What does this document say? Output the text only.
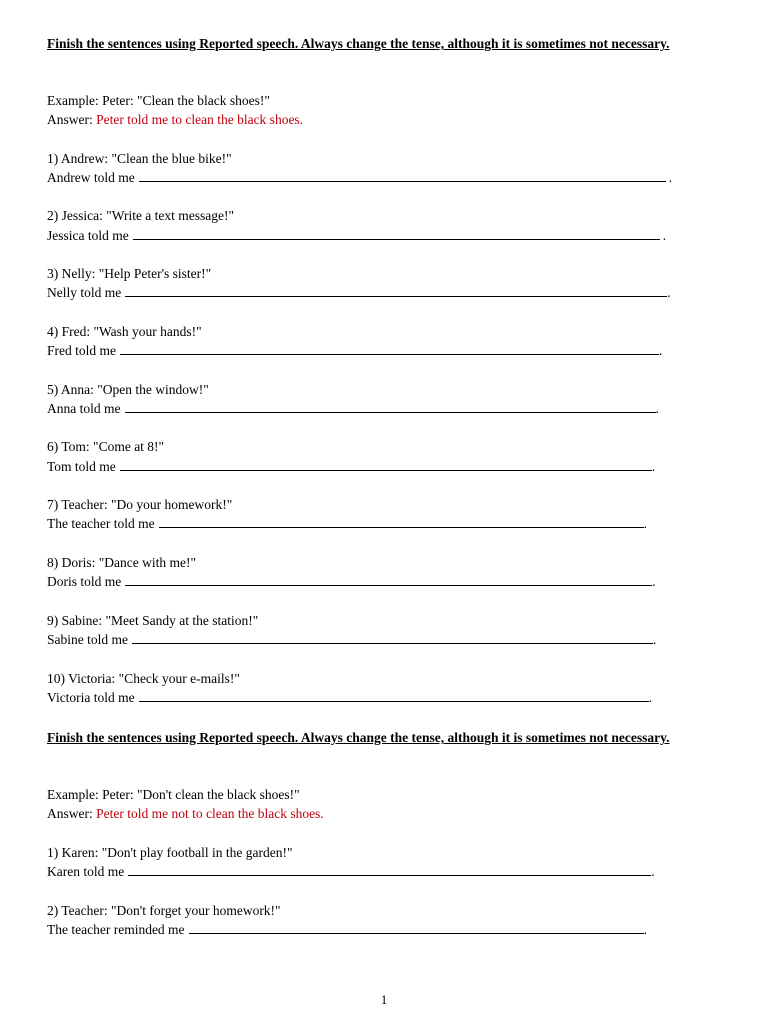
Finish the sentences using Reported speech. Always change the tense, although it is sometimes not necessary.

Example: Peter: "Clean the black shoes!"
Answer: Peter told me to clean the black shoes.
1) Andrew: "Clean the blue bike!"
Andrew told me	.
2) Jessica: "Write a text message!"
Jessica told me	.
3) Nelly: "Help Peter's sister!"
Nelly told me	.
4) Fred: "Wash your hands!"
Fred told me	.
5) Anna: "Open the window!"
Anna told me	.
6) Tom: "Come at 8!"
Tom told me	.
7) Teacher: "Do your homework!"
The teacher told me	.
8) Doris: "Dance with me!"
Doris told me	.
9) Sabine: "Meet Sandy at the station!"
Sabine told me	.
10) Victoria: "Check your e-mails!"
Victoria told me	.

Finish the sentences using Reported speech. Always change the tense, although it is sometimes not necessary.

Example: Peter: "Don't clean the black shoes!"
Answer: Peter told me not to clean the black shoes.
1) Karen: "Don't play football in the garden!"
Karen told me	.
2) Teacher: "Don't forget your homework!"
The teacher reminded me	.
1
